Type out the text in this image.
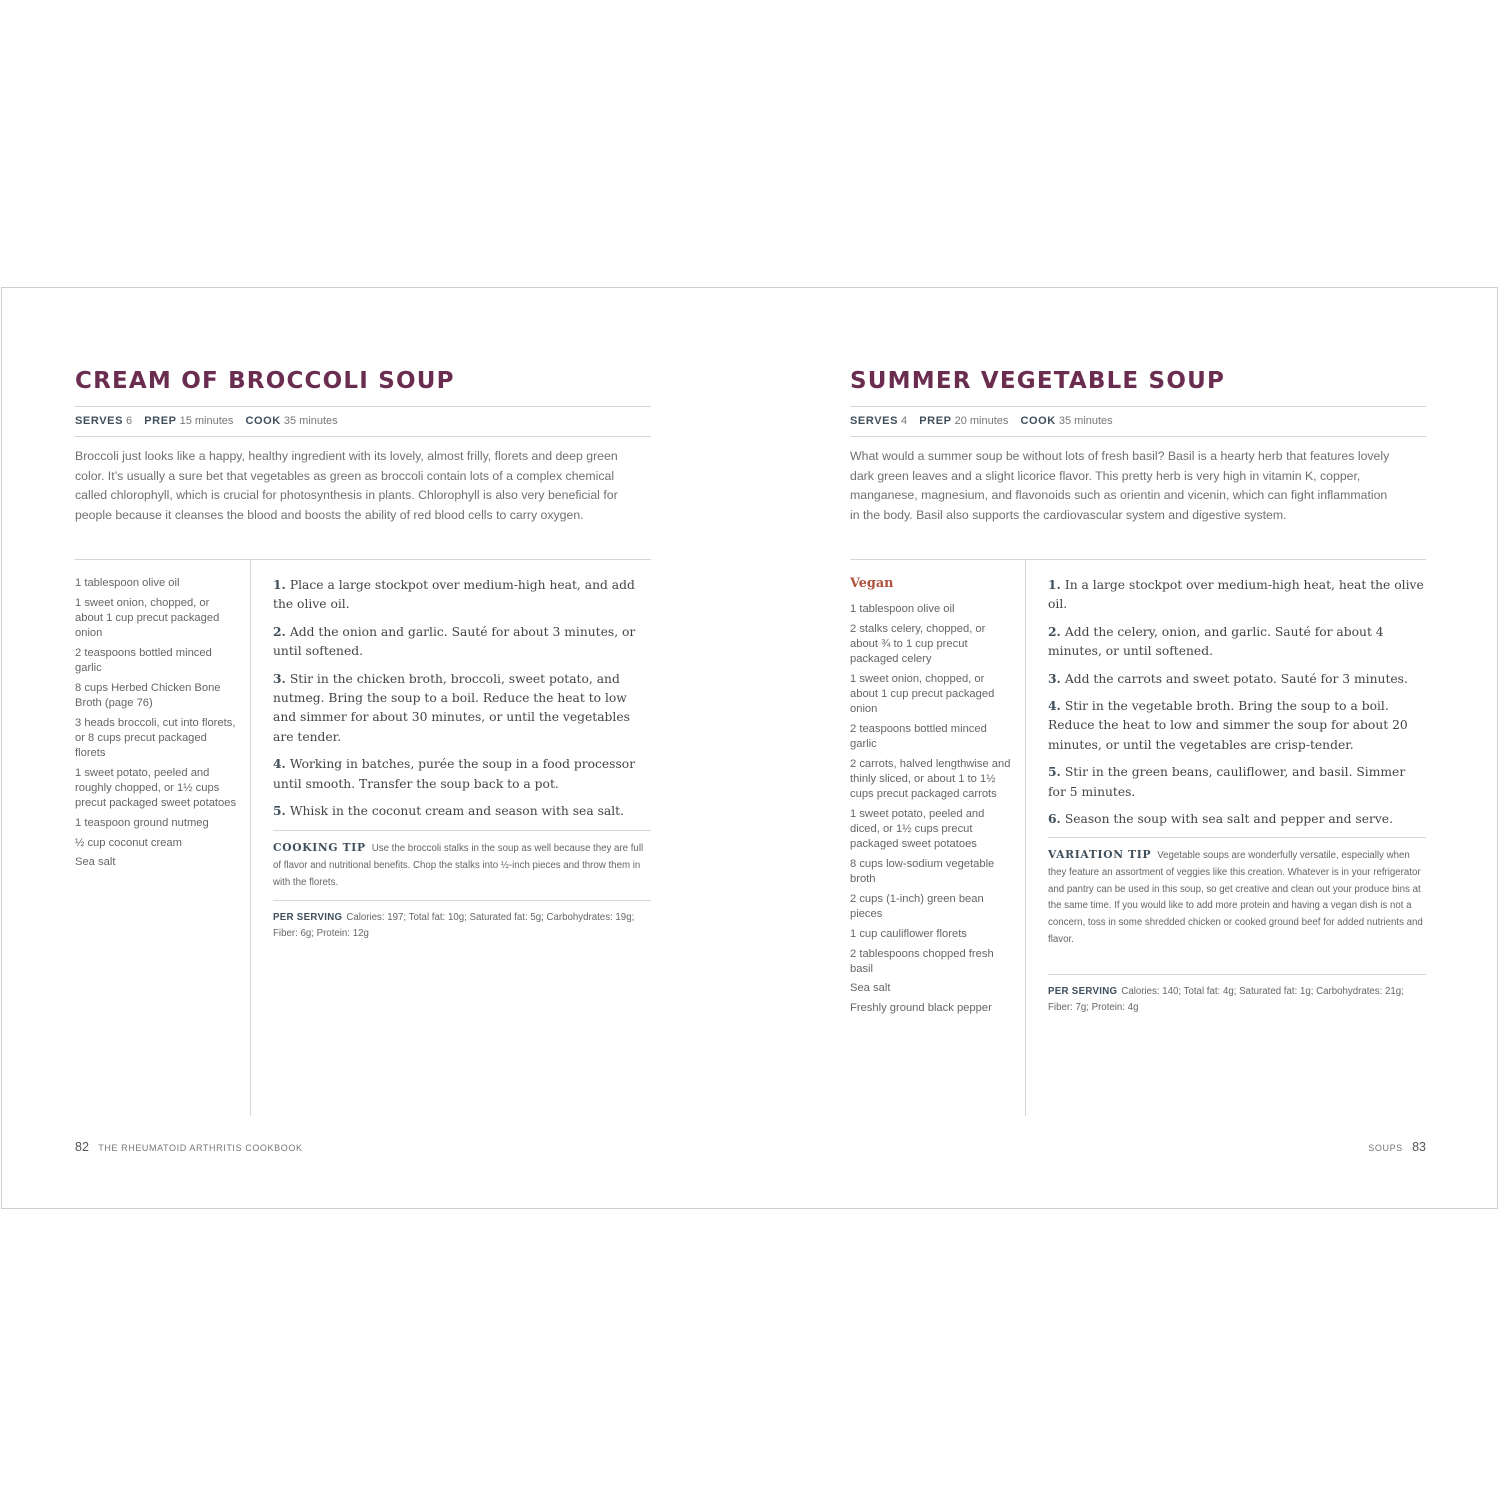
CREAM OF BROCCOLI SOUP
SERVES 6 PREP 15 minutes COOK 35 minutes
Broccoli just looks like a happy, healthy ingredient with its lovely, almost frilly, florets and deep green color. It’s usually a sure bet that vegetables as green as broccoli contain lots of a complex chemical called chlorophyll, which is crucial for photosynthesis in plants. Chlorophyll is also very beneficial for people because it cleanses the blood and boosts the ability of red blood cells to carry oxygen.
1 tablespoon olive oil
1 sweet onion, chopped, or about 1 cup precut packaged onion
2 teaspoons bottled minced garlic
8 cups Herbed Chicken Bone Broth (page 76)
3 heads broccoli, cut into florets, or 8 cups precut packaged florets
1 sweet potato, peeled and roughly chopped, or 1½ cups precut packaged sweet potatoes
1 teaspoon ground nutmeg
½ cup coconut cream
Sea salt
1. Place a large stockpot over medium-high heat, and add the olive oil.
2. Add the onion and garlic. Sauté for about 3 minutes, or until softened.
3. Stir in the chicken broth, broccoli, sweet potato, and nutmeg. Bring the soup to a boil. Reduce the heat to low and simmer for about 30 minutes, or until the vegetables are tender.
4. Working in batches, purée the soup in a food processor until smooth. Transfer the soup back to a pot.
5. Whisk in the coconut cream and season with sea salt.
COOKING TIP Use the broccoli stalks in the soup as well because they are full of flavor and nutritional benefits. Chop the stalks into ½-inch pieces and throw them in with the florets.
PER SERVING Calories: 197; Total fat: 10g; Saturated fat: 5g; Carbohydrates: 19g; Fiber: 6g; Protein: 12g
82 THE RHEUMATOID ARTHRITIS COOKBOOK
SUMMER VEGETABLE SOUP
SERVES 4 PREP 20 minutes COOK 35 minutes
What would a summer soup be without lots of fresh basil? Basil is a hearty herb that features lovely dark green leaves and a slight licorice flavor. This pretty herb is very high in vitamin K, copper, manganese, magnesium, and flavonoids such as orientin and vicenin, which can fight inflammation in the body. Basil also supports the cardiovascular system and digestive system.
Vegan
1 tablespoon olive oil
2 stalks celery, chopped, or about ¾ to 1 cup precut packaged celery
1 sweet onion, chopped, or about 1 cup precut packaged onion
2 teaspoons bottled minced garlic
2 carrots, halved lengthwise and thinly sliced, or about 1 to 1½ cups precut packaged carrots
1 sweet potato, peeled and diced, or 1½ cups precut packaged sweet potatoes
8 cups low-sodium vegetable broth
2 cups (1-inch) green bean pieces
1 cup cauliflower florets
2 tablespoons chopped fresh basil
Sea salt
Freshly ground black pepper
1. In a large stockpot over medium-high heat, heat the olive oil.
2. Add the celery, onion, and garlic. Sauté for about 4 minutes, or until softened.
3. Add the carrots and sweet potato. Sauté for 3 minutes.
4. Stir in the vegetable broth. Bring the soup to a boil. Reduce the heat to low and simmer the soup for about 20 minutes, or until the vegetables are crisp-tender.
5. Stir in the green beans, cauliflower, and basil. Simmer for 5 minutes.
6. Season the soup with sea salt and pepper and serve.
VARIATION TIP Vegetable soups are wonderfully versatile, especially when they feature an assortment of veggies like this creation. Whatever is in your refrigerator and pantry can be used in this soup, so get creative and clean out your produce bins at the same time. If you would like to add more protein and having a vegan dish is not a concern, toss in some shredded chicken or cooked ground beef for added nutrients and flavor.
PER SERVING Calories: 140; Total fat: 4g; Saturated fat: 1g; Carbohydrates: 21g; Fiber: 7g; Protein: 4g
SOUPS 83
